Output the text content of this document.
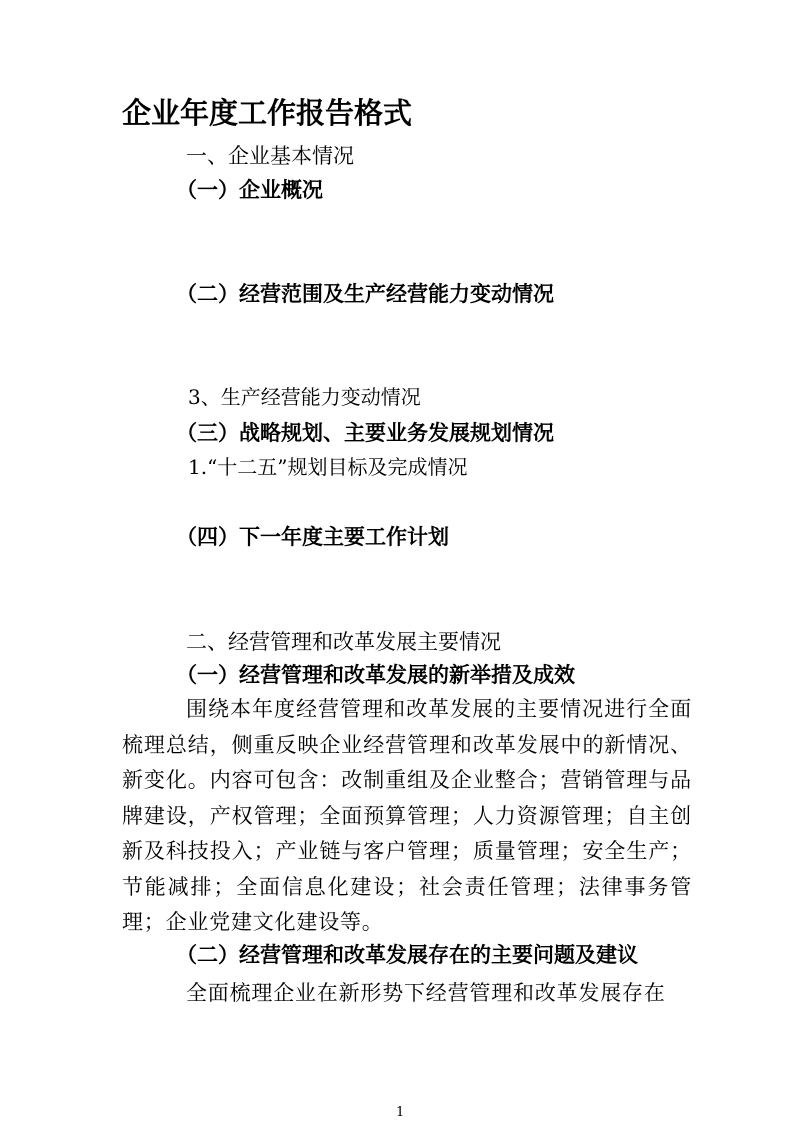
企业年度工作报告格式
一、企业基本情况
（一）企业概况
（二）经营范围及生产经营能力变动情况
3、生产经营能力变动情况
（三）战略规划、主要业务发展规划情况
1.“十二五”规划目标及完成情况
（四）下一年度主要工作计划
二、经营管理和改革发展主要情况
（一）经营管理和改革发展的新举措及成效

围绕本年度经营管理和改革发展的主要情况进行全面梳理总结，侧重反映企业经营管理和改革发展中的新情况、新变化。内容可包含：改制重组及企业整合；营销管理与品牌建设，产权管理；全面预算管理；人力资源管理；自主创新及科技投入；产业链与客户管理；质量管理；安全生产；节能减排；全面信息化建设；社会责任管理；法律事务管理；企业党建文化建设等。

（二）经营管理和改革发展存在的主要问题及建议

全面梳理企业在新形势下经营管理和改革发展存在

1
